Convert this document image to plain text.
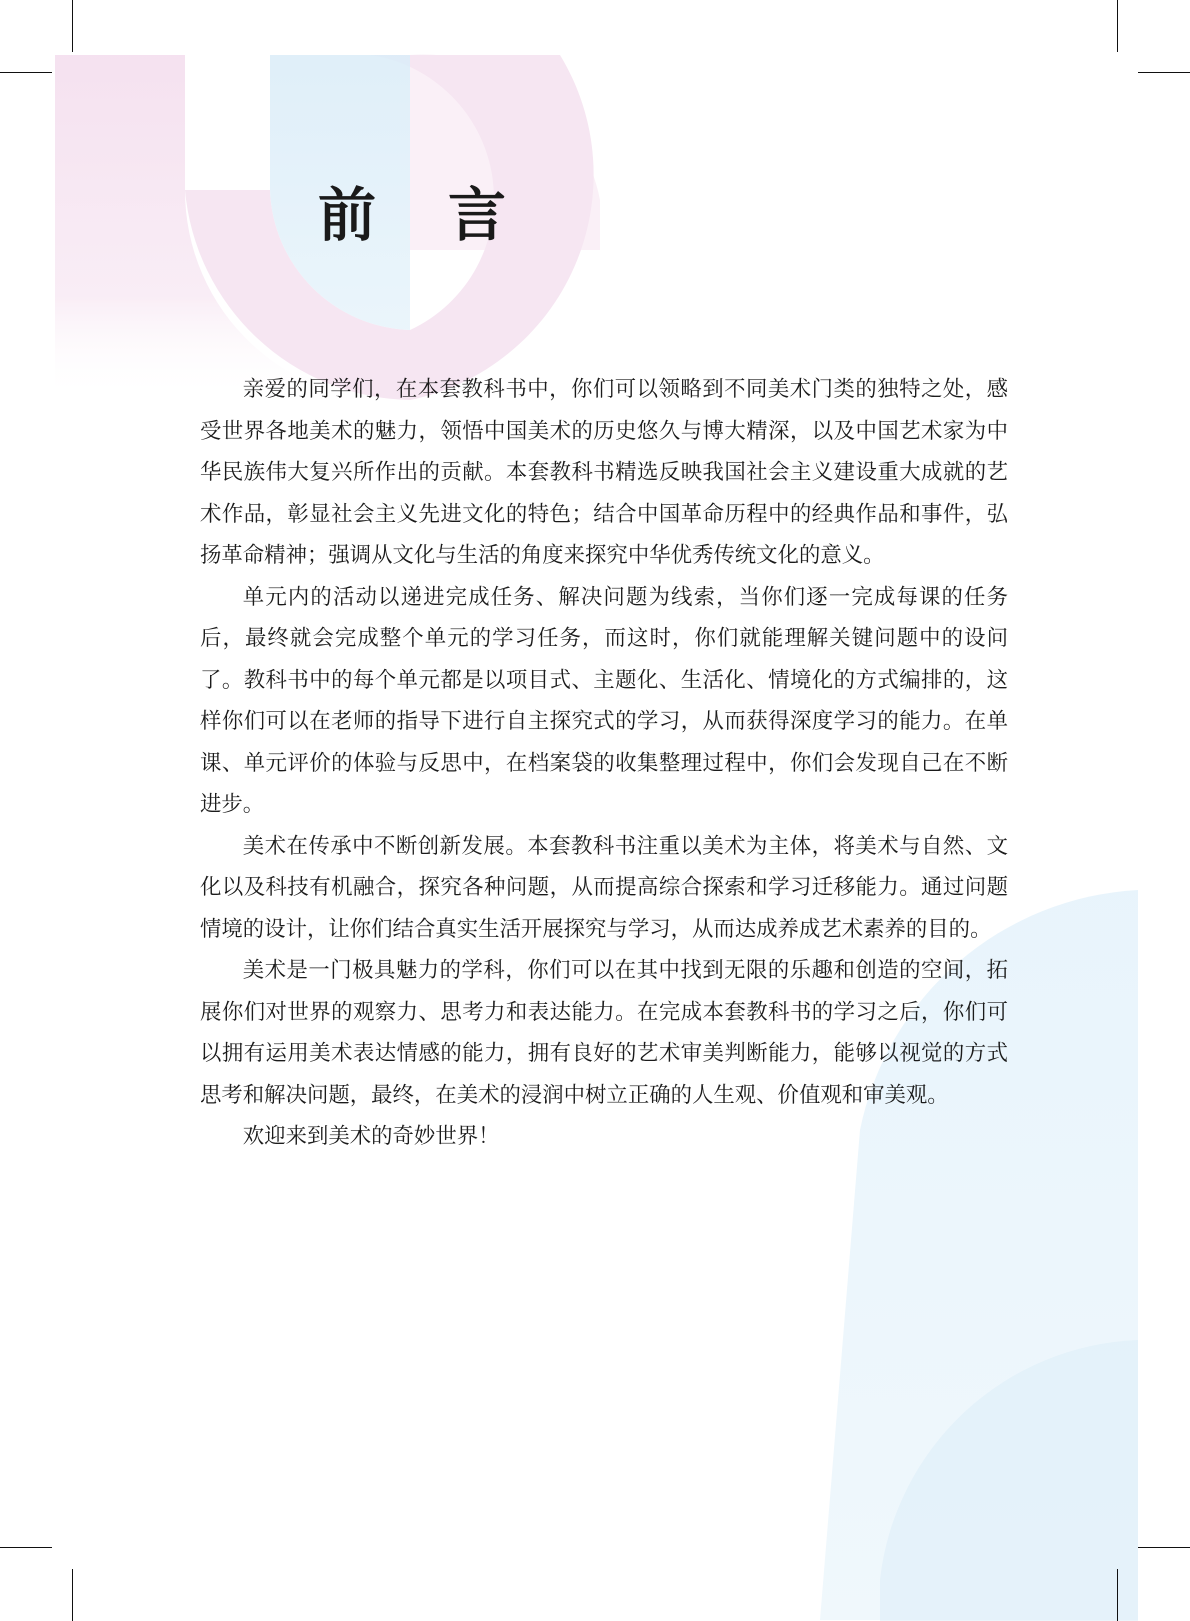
前言

亲爱的同学们，在本套教科书中，你们可以领略到不同美术门类的独特之处，感受世界各地美术的魅力，领悟中国美术的历史悠久与博大精深，以及中国艺术家为中华民族伟大复兴所作出的贡献。本套教科书精选反映我国社会主义建设重大成就的艺术作品，彰显社会主义先进文化的特色；结合中国革命历程中的经典作品和事件，弘扬革命精神；强调从文化与生活的角度来探究中华优秀传统文化的意义。

单元内的活动以递进完成任务、解决问题为线索，当你们逐一完成每课的任务后，最终就会完成整个单元的学习任务，而这时，你们就能理解关键问题中的设问了。教科书中的每个单元都是以项目式、主题化、生活化、情境化的方式编排的，这样你们可以在老师的指导下进行自主探究式的学习，从而获得深度学习的能力。在单课、单元评价的体验与反思中，在档案袋的收集整理过程中，你们会发现自己在不断进步。

美术在传承中不断创新发展。本套教科书注重以美术为主体，将美术与自然、文化以及科技有机融合，探究各种问题，从而提高综合探索和学习迁移能力。通过问题情境的设计，让你们结合真实生活开展探究与学习，从而达成养成艺术素养的目的。

美术是一门极具魅力的学科，你们可以在其中找到无限的乐趣和创造的空间，拓展你们对世界的观察力、思考力和表达能力。在完成本套教科书的学习之后，你们可以拥有运用美术表达情感的能力，拥有良好的艺术审美判断能力，能够以视觉的方式思考和解决问题，最终，在美术的浸润中树立正确的人生观、价值观和审美观。

欢迎来到美术的奇妙世界！
